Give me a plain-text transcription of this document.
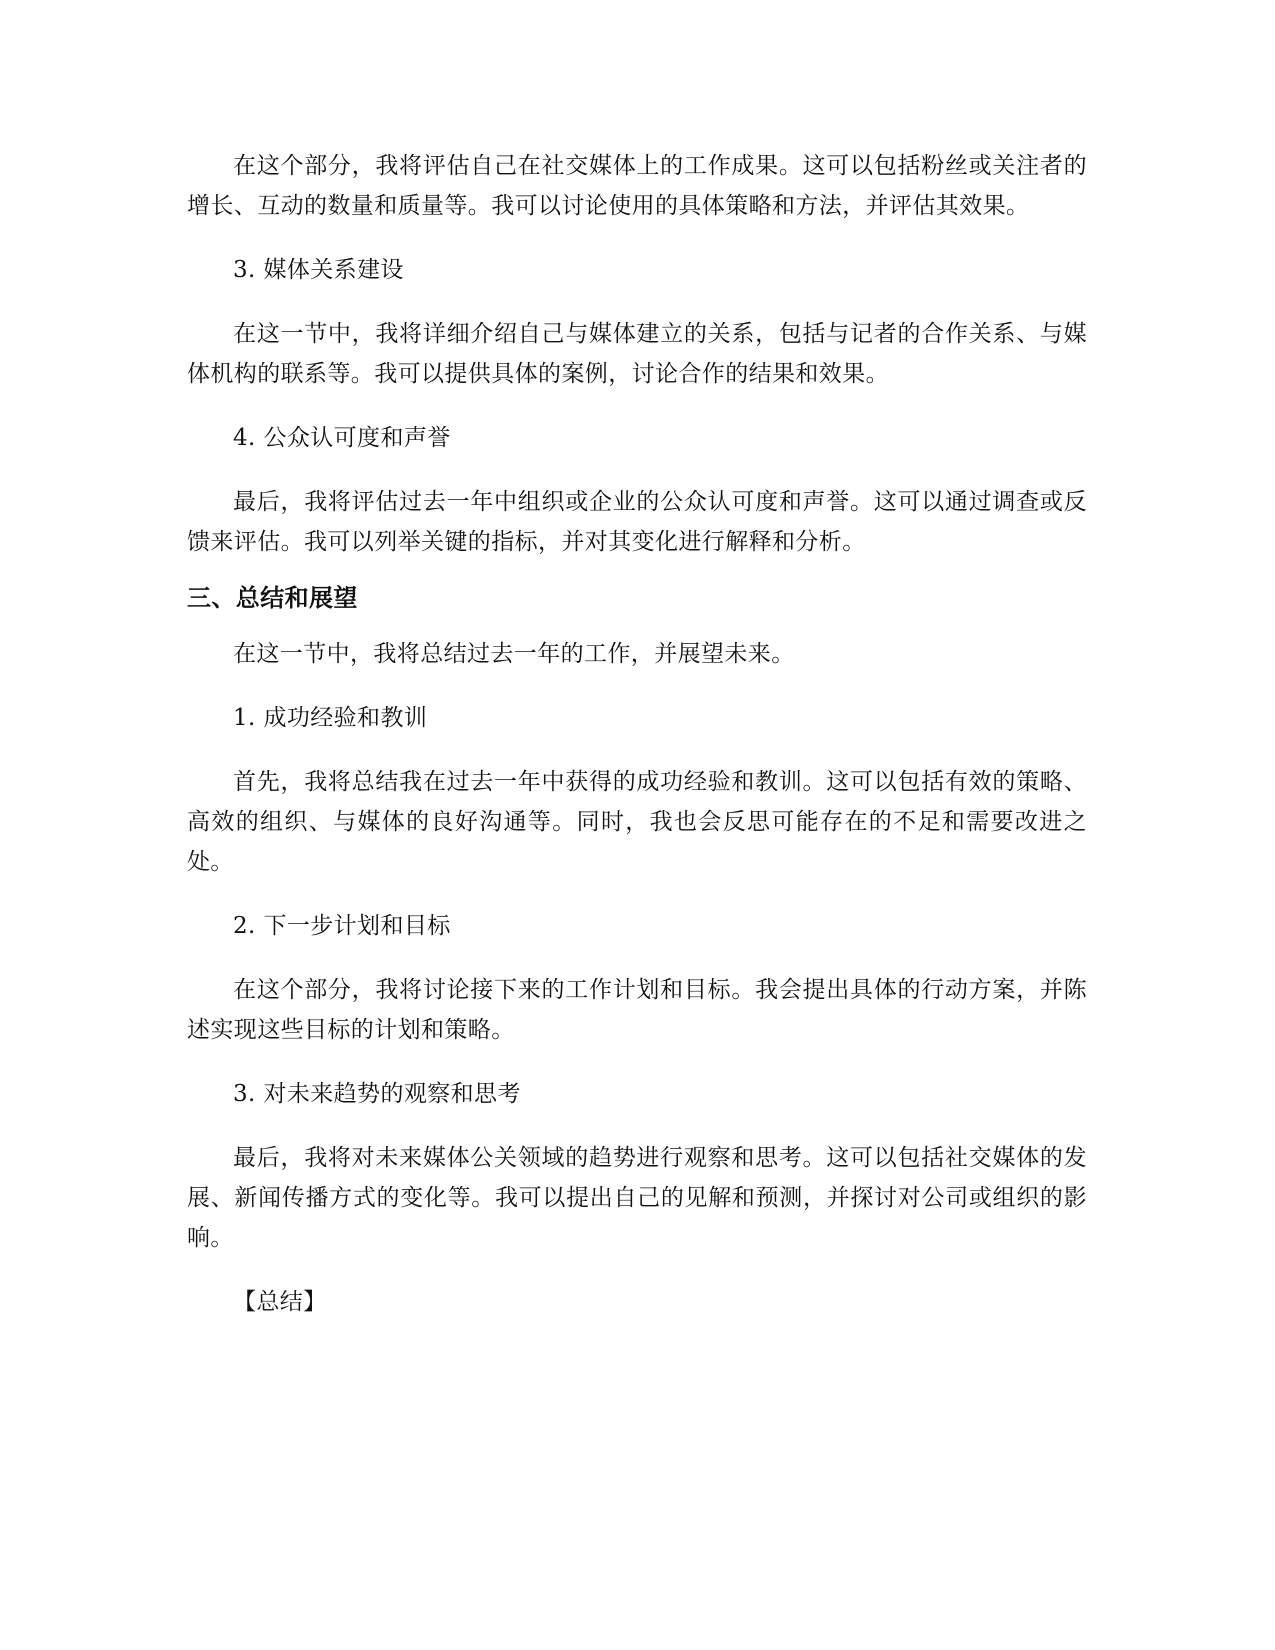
在这个部分，我将评估自己在社交媒体上的工作成果。这可以包括粉丝或关注者的增长、互动的数量和质量等。我可以讨论使用的具体策略和方法，并评估其效果。

3. 媒体关系建设

在这一节中，我将详细介绍自己与媒体建立的关系，包括与记者的合作关系、与媒体机构的联系等。我可以提供具体的案例，讨论合作的结果和效果。

4. 公众认可度和声誉

最后，我将评估过去一年中组织或企业的公众认可度和声誉。这可以通过调查或反馈来评估。我可以列举关键的指标，并对其变化进行解释和分析。

三、总结和展望

在这一节中，我将总结过去一年的工作，并展望未来。

1. 成功经验和教训

首先，我将总结我在过去一年中获得的成功经验和教训。这可以包括有效的策略、高效的组织、与媒体的良好沟通等。同时，我也会反思可能存在的不足和需要改进之处。

2. 下一步计划和目标

在这个部分，我将讨论接下来的工作计划和目标。我会提出具体的行动方案，并陈述实现这些目标的计划和策略。

3. 对未来趋势的观察和思考

最后，我将对未来媒体公关领域的趋势进行观察和思考。这可以包括社交媒体的发展、新闻传播方式的变化等。我可以提出自己的见解和预测，并探讨对公司或组织的影响。

【总结】
